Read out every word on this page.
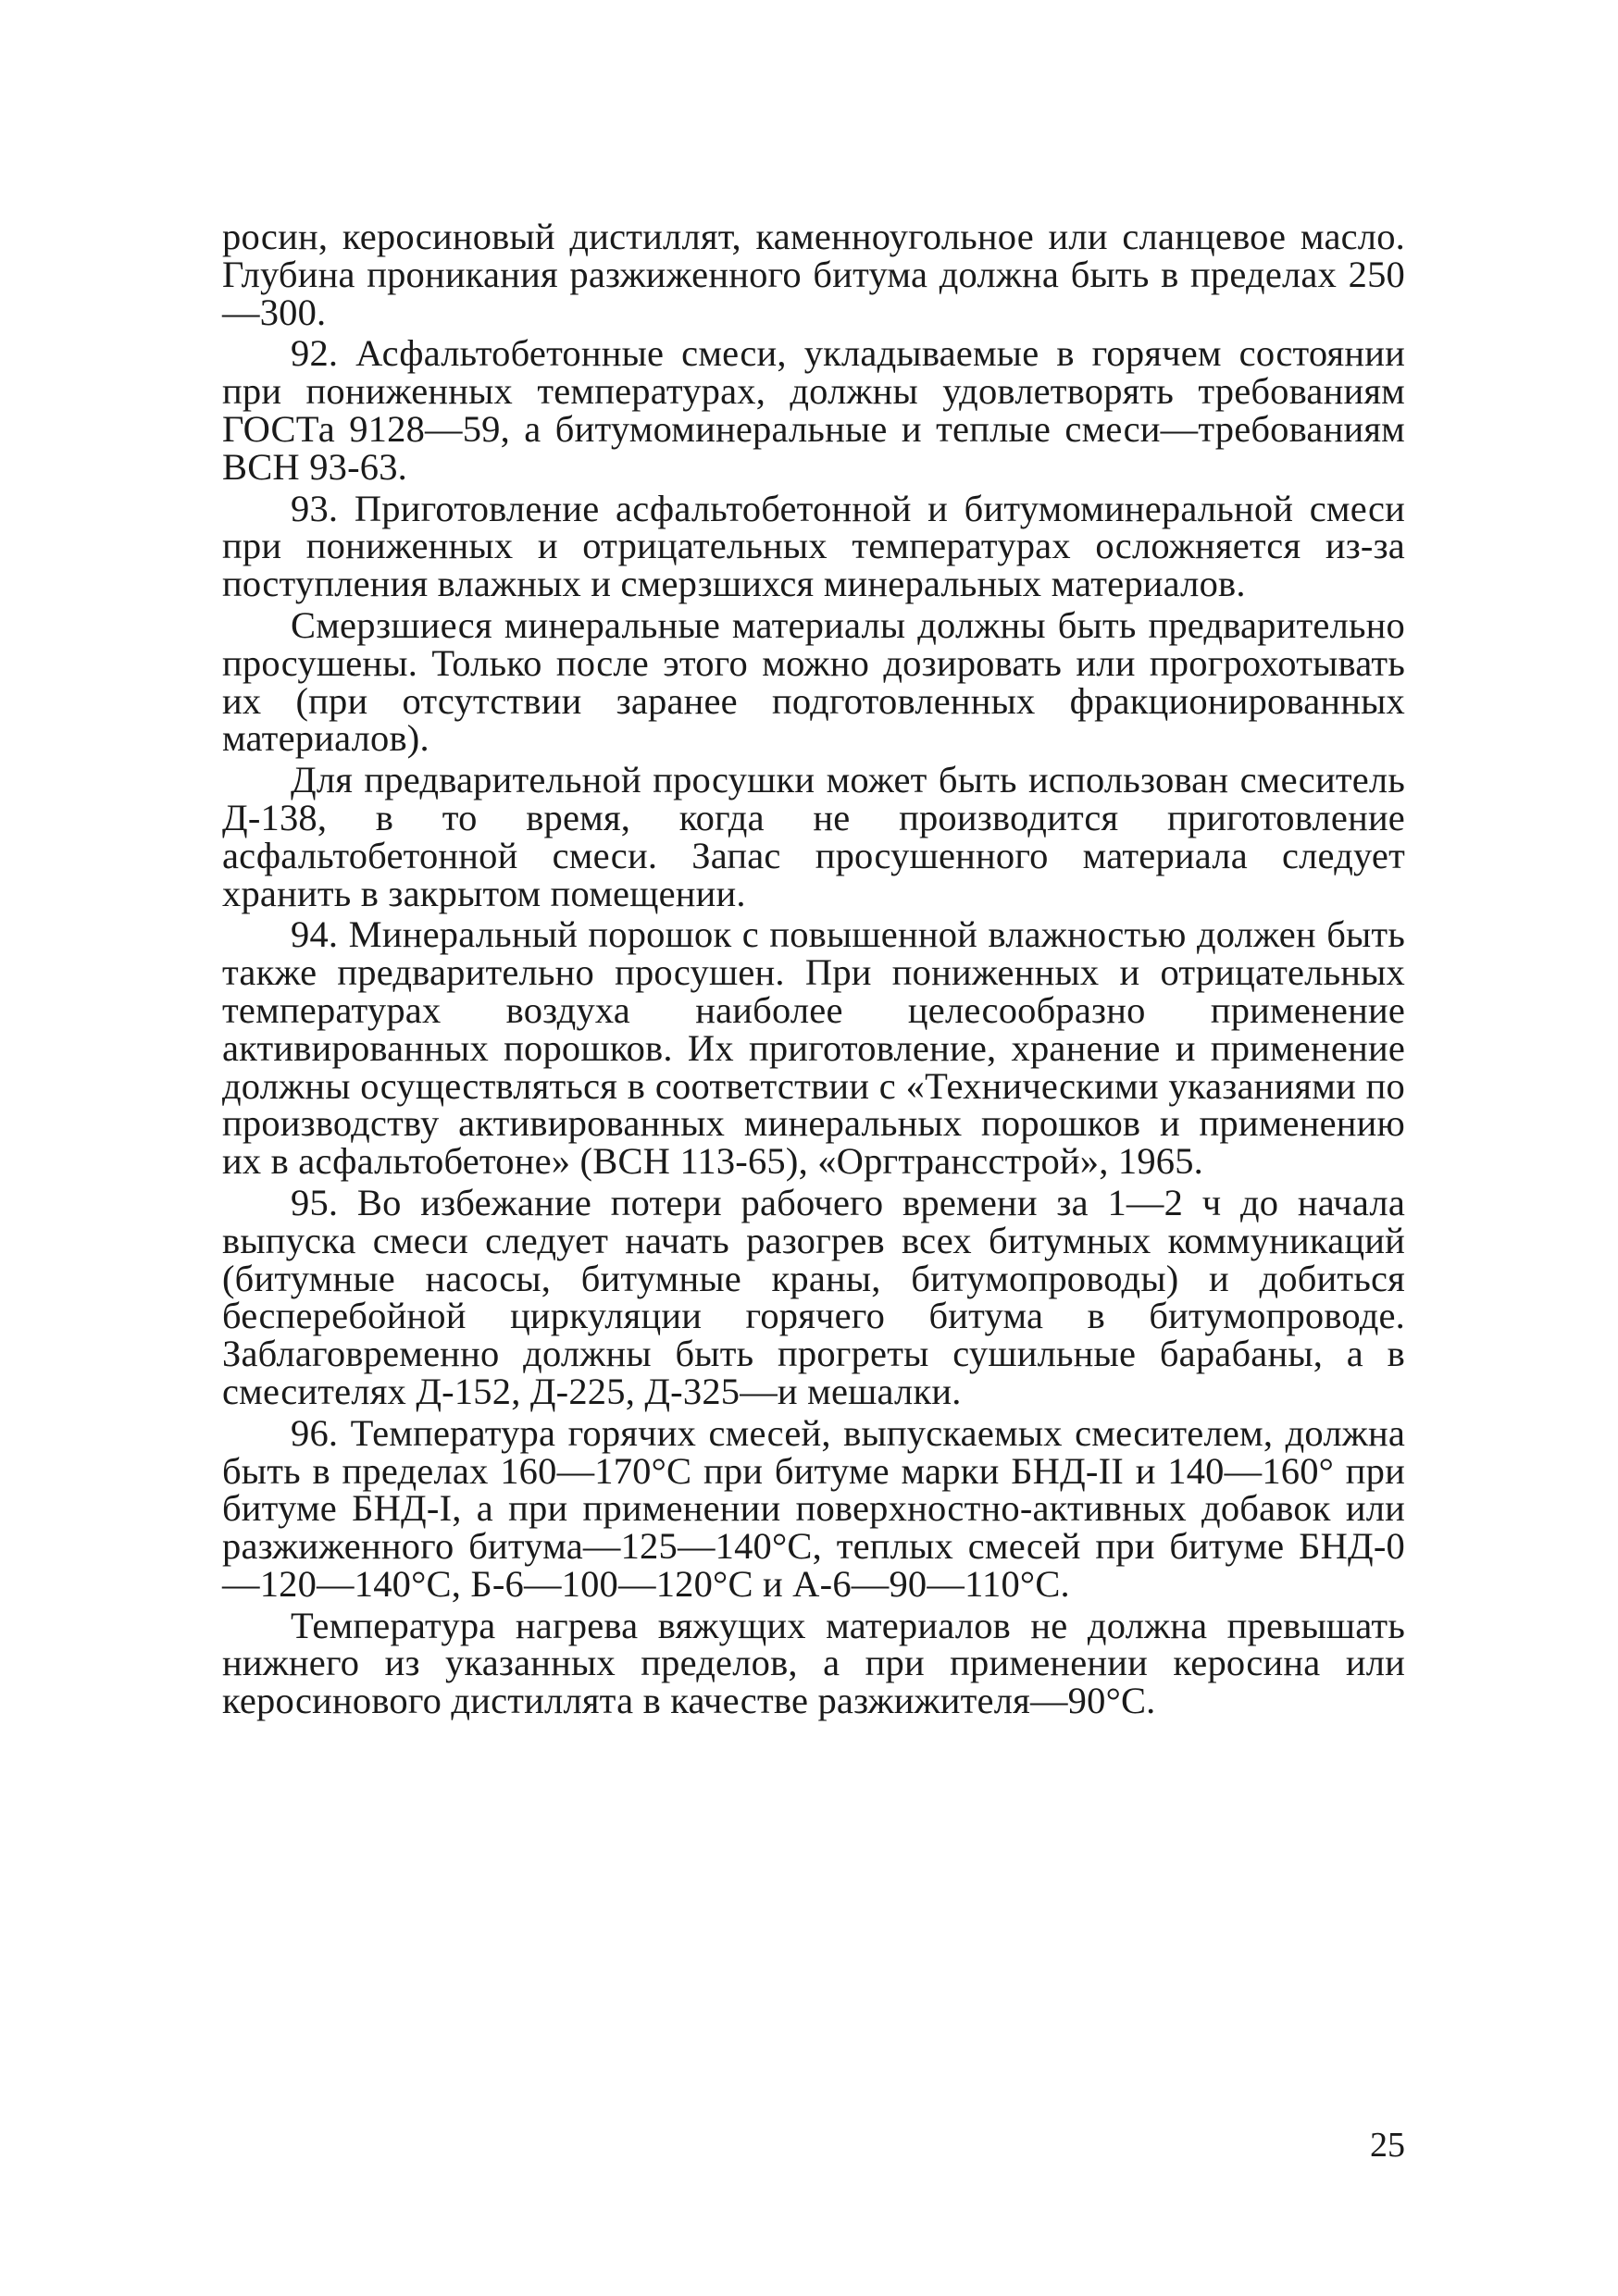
росин, керосиновый дистиллят, каменноугольное или сланцевое масло. Глубина проникания разжиженного битума должна быть в пределах 250—300.

92. Асфальтобетонные смеси, укладываемые в горячем состоянии при пониженных температурах, должны удовлетворять требованиям ГОСТа 9128—59, а битумоминеральные и теплые смеси—требованиям ВСН 93-63.

93. Приготовление асфальтобетонной и битумоминеральной смеси при пониженных и отрицательных температурах осложняется из-за поступления влажных и смерзшихся минеральных материалов.

Смерзшиеся минеральные материалы должны быть предварительно просушены. Только после этого можно дозировать или прогрохотывать их (при отсутствии заранее подготовленных фракционированных материалов).

Для предварительной просушки может быть использован смеситель Д-138, в то время, когда не производится приготовление асфальтобетонной смеси. Запас просушенного материала следует хранить в закрытом помещении.

94. Минеральный порошок с повышенной влажностью должен быть также предварительно просушен. При пониженных и отрицательных температурах воздуха наиболее целесообразно применение активированных порошков. Их приготовление, хранение и применение должны осуществляться в соответствии с «Техническими указаниями по производству активированных минеральных порошков и применению их в асфальтобетоне» (ВСН 113-65), «Оргтрансстрой», 1965.

95. Во избежание потери рабочего времени за 1—2 ч до начала выпуска смеси следует начать разогрев всех битумных коммуникаций (битумные насосы, битумные краны, битумопроводы) и добиться бесперебойной циркуляции горячего битума в битумопроводе. Заблаговременно должны быть прогреты сушильные барабаны, а в смесителях Д-152, Д-225, Д-325—и мешалки.

96. Температура горячих смесей, выпускаемых смесителем, должна быть в пределах 160—170°С при битуме марки БНД-II и 140—160° при битуме БНД-I, а при применении поверхностно-активных добавок или разжиженного битума—125—140°С, теплых смесей при битуме БНД-0—120—140°С, Б-6—100—120°С и А-6—90—110°С.

Температура нагрева вяжущих материалов не должна превышать нижнего из указанных пределов, а при применении керосина или керосинового дистиллята в качестве разжижителя—90°С.

25
